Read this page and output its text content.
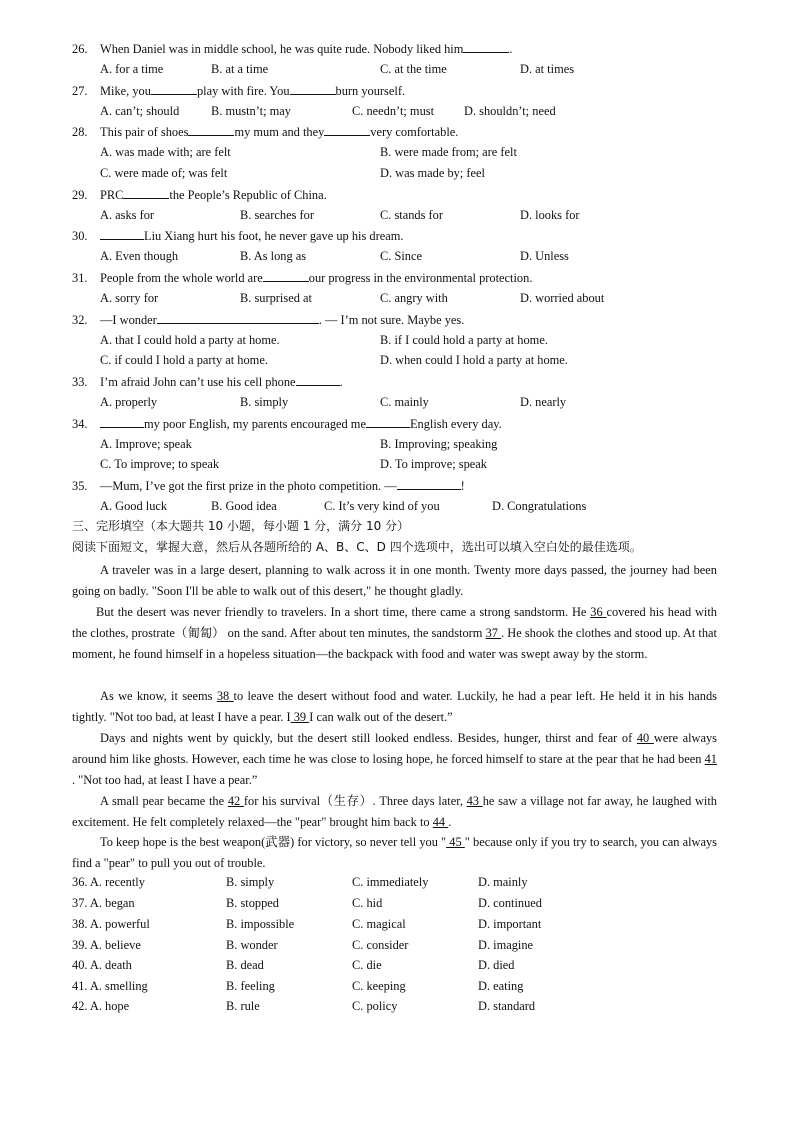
26. When Daniel was in middle school, he was quite rude. Nobody liked him	.
A. for a time	B. at a time	C. at the time	D. at times
27. Mike, you	play with fire. You	burn yourself.
A. can’t; should	B. mustn’t; may	C. needn’t; must D. shouldn’t; need
28. This pair of shoes	my mum and they	very comfortable.
A. was made with; are felt	B. were made from; are felt
C. were made of; was felt	D. was made by; feel
29. PRC	the People’s Republic of China.
A. asks for	B. searches for	C. stands for	D. looks for
30.	Liu Xiang hurt his foot, he never gave up his dream.
A. Even though	B. As long as	C. Since	D. Unless
31. People from the whole world are	our progress in the environmental protection.
A. sorry for	B. surprised at	C. angry with	D. worried about
32. —I wonder	. — I’m not sure. Maybe yes.
A. that I could hold a party at home.	B. if I could hold a party at home.
C. if could I hold a party at home.	D. when could I hold a party at home.
33. I’m afraid John can’t use his cell phone	.
A. properly	B. simply	C. mainly	D. nearly
34.	my poor English, my parents encouraged me	English every day.
A. Improve; speak	B. Improving; speaking
C. To improve; to speak	D. To improve; speak
35. —Mum, I’ve got the first prize in the photo competition. —	!
A. Good luck	B. Good idea	C. It’s very kind of you	D. Congratulations
三、完形填空（本大题共 10 小题，每小题 1 分，满分 10 分）
阅读下面短文，掌握大意，然后从各题所给的 A、B、C、D 四个选项中，选出可以填入空白处的最佳选项。
A traveler was in a large desert, planning to walk across it in one month. Twenty more days passed, the journey had been going on badly. "Soon I'll be able to walk out of this desert," he thought gladly.
But the desert was never friendly to travelers. In a short time, there came a strong sandstorm. He 36 covered his head with the clothes, prostrate（匍匐） on the sand. After about ten minutes, the sandstorm 37 . He shook the clothes and stood up. At that moment, he found himself in a hopeless situation—the backpack with food and water was swept away by the storm.
As we know, it seems 38 to leave the desert without food and water. Luckily, he had a pear left. He held it in his hands tightly. "Not too bad, at least I have a pear. I 39 I can walk out of the desert.”
Days and nights went by quickly, but the desert still looked endless. Besides, hunger, thirst and fear of 40 were always around him like ghosts. However, each time he was close to losing hope, he forced himself to stare at the pear that he had been 41 . "Not too had, at least I have a pear.”
A small pear became the 42 for his survival（生存）. Three days later, 43 he saw a village not far away, he laughed with excitement. He felt completely relaxed—the "pear" brought him back to 44 .
To keep hope is the best weapon(武器) for victory, so never tell you " 45 " because only if you try to search, you can always find a "pear" to pull you out of trouble.
36. A. recently	B. simply	C. immediately	D. mainly
37. A. began	B. stopped	C. hid	D. continued
38. A. powerful	B. impossible	C. magical	D. important
39. A. believe	B. wonder	C. consider	D. imagine
40. A. death	B. dead	C. die	D. died
41. A. smelling	B. feeling	C. keeping	D. eating
42. A. hope	B. rule	C. policy	D. standard
